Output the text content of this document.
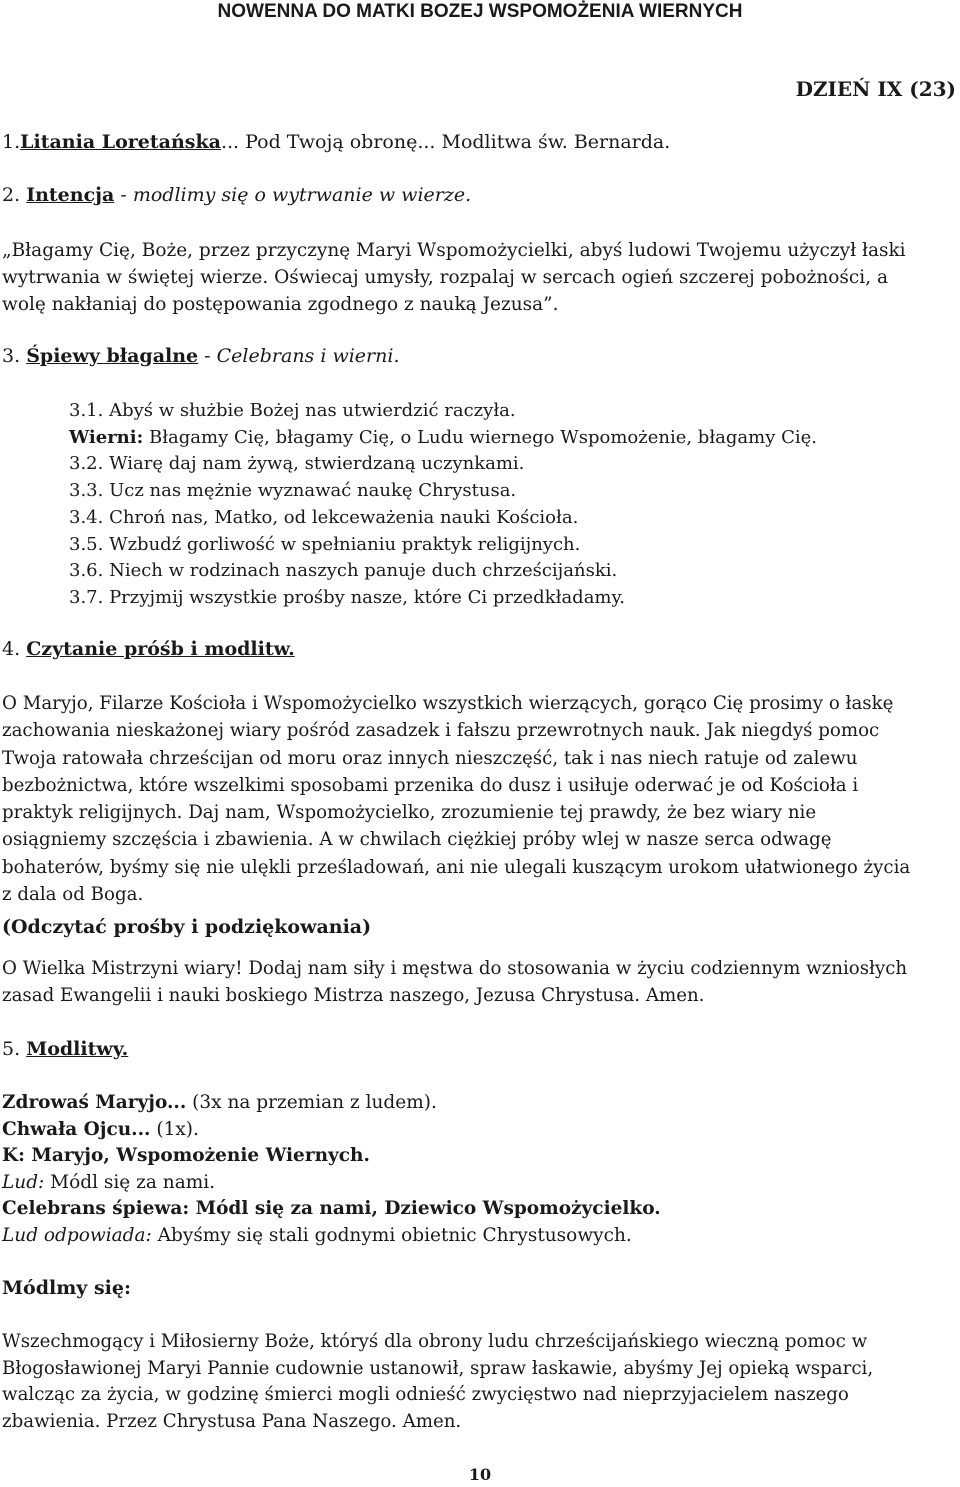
NOWENNA DO MATKI BOZEJ WSPOMOŻENIA WIERNYCH
DZIEŃ IX (23)
1.Litania Loretańska... Pod Twoją obronę... Modlitwa św. Bernarda.
2. Intencja - modlimy się o wytrwanie w wierze.
„Błagamy Cię, Boże, przez przyczynę Maryi Wspomożycielki, abyś ludowi Twojemu użyczył łaski
wytrwania w świętej wierze. Oświecaj umysły, rozpalaj w sercach ogień szczerej pobożności, a
wolę nakłaniaj do postępowania zgodnego z nauką Jezusa”.
3. Śpiewy błagalne - Celebrans i wierni.
3.1. Abyś w służbie Bożej nas utwierdzić raczyła.
Wierni: Błagamy Cię, błagamy Cię, o Ludu wiernego Wspomożenie, błagamy Cię.
3.2. Wiarę daj nam żywą, stwierdzaną uczynkami.
3.3. Ucz nas mężnie wyznawać naukę Chrystusa.
3.4. Chroń nas, Matko, od lekceważenia nauki Kościoła.
3.5. Wzbudź gorliwość w spełnianiu praktyk religijnych.
3.6. Niech w rodzinach naszych panuje duch chrześcijański.
3.7. Przyjmij wszystkie prośby nasze, które Ci przedkładamy.
4. Czytanie próśb i modlitw.
O Maryjo, Filarze Kościoła i Wspomożycielko wszystkich wierzących, gorąco Cię prosimy o łaskę
zachowania nieskażonej wiary pośród zasadzek i fałszu przewrotnych nauk. Jak niegdyś pomoc
Twoja ratowała chrześcijan od moru oraz innych nieszczęść, tak i nas niech ratuje od zalewu
bezbożnictwa, które wszelkimi sposobami przenika do dusz i usiłuje oderwać je od Kościoła i
praktyk religijnych. Daj nam, Wspomożycielko, zrozumienie tej prawdy, że bez wiary nie
osiągniemy szczęścia i zbawienia. A w chwilach ciężkiej próby wlej w nasze serca odwagę
bohaterów, byśmy się nie ulękli prześladowań, ani nie ulegali kuszącym urokom ułatwionego życia
z dala od Boga.
(Odczytać prośby i podziękowania)
O Wielka Mistrzyni wiary! Dodaj nam siły i męstwa do stosowania w życiu codziennym wzniosłych
zasad Ewangelii i nauki boskiego Mistrza naszego, Jezusa Chrystusa. Amen.
5. Modlitwy.
Zdrowaś Maryjo... (3x na przemian z ludem).
Chwała Ojcu... (1x).
K: Maryjo, Wspomożenie Wiernych.
Lud: Módl się za nami.
Celebrans śpiewa: Módl się za nami, Dziewico Wspomożycielko.
Lud odpowiada: Abyśmy się stali godnymi obietnic Chrystusowych.
Módlmy się:
Wszechmogący i Miłosierny Boże, któryś dla obrony ludu chrześcijańskiego wieczną pomoc w
Błogosławionej Maryi Pannie cudownie ustanowił, spraw łaskawie, abyśmy Jej opieką wsparci,
walcząc za życia, w godzinę śmierci mogli odnieść zwycięstwo nad nieprzyjacielem naszego
zbawienia. Przez Chrystusa Pana Naszego. Amen.
10
